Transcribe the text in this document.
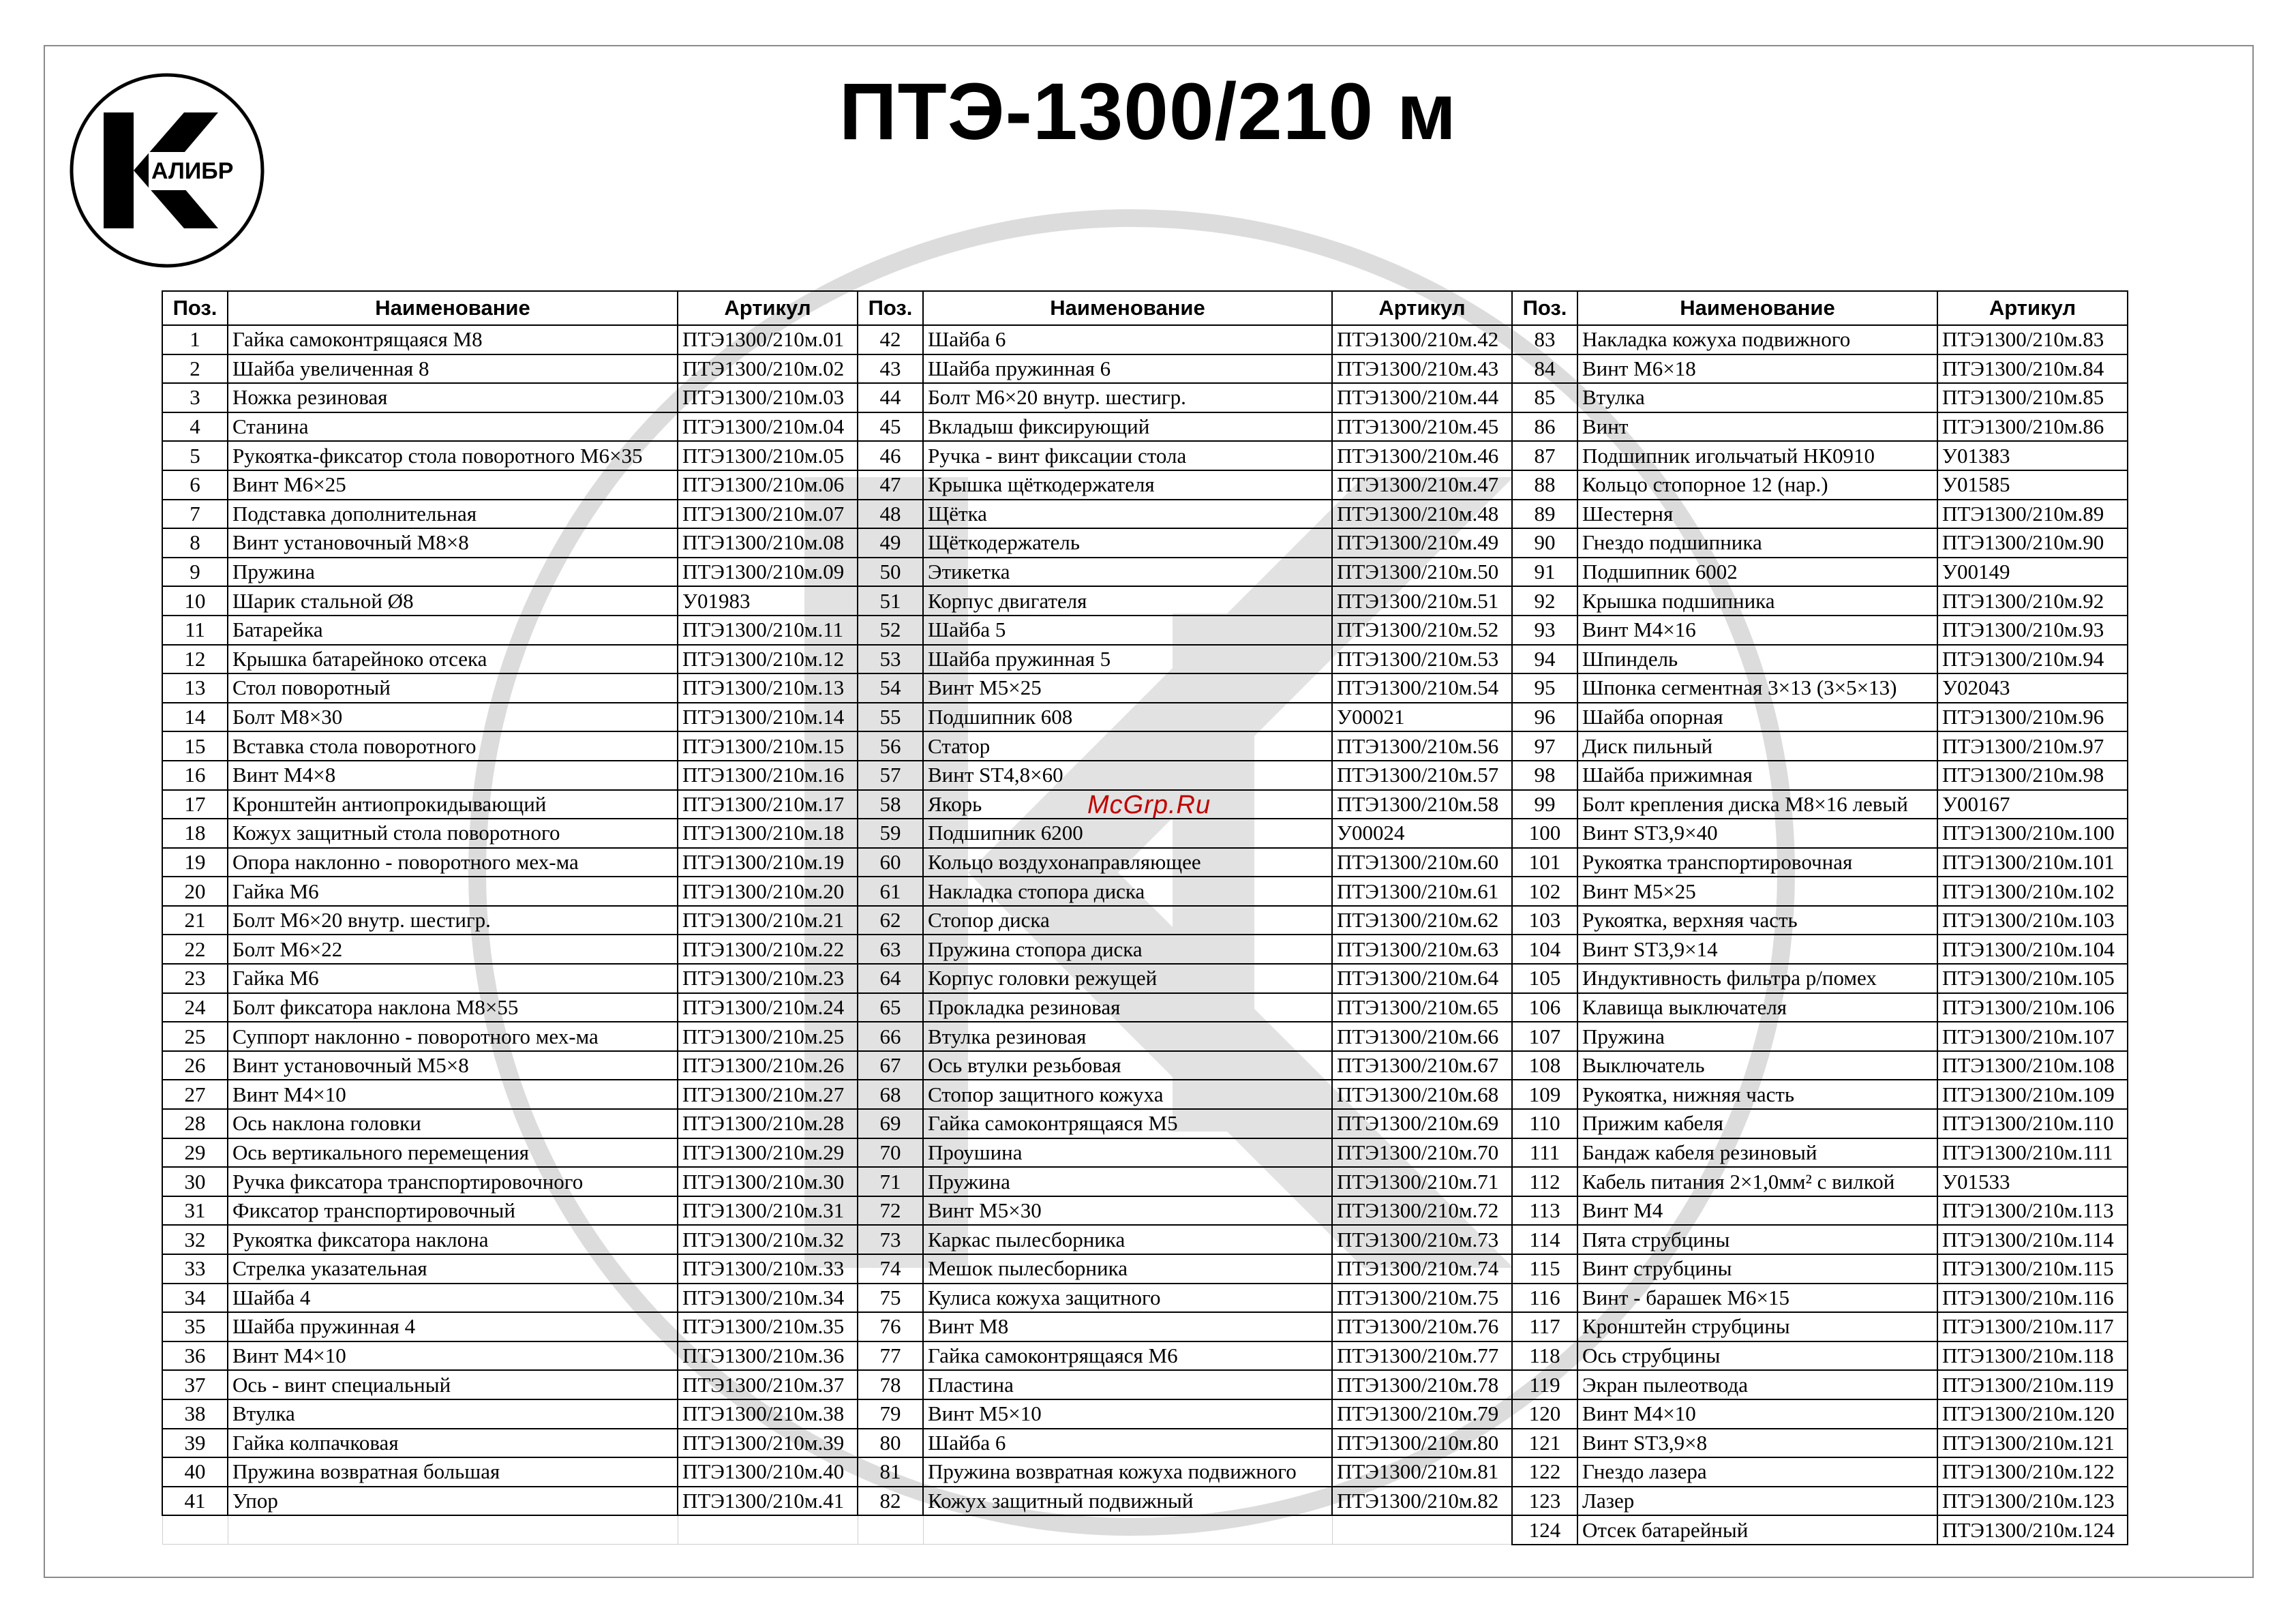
АЛИБР
ПТЭ-1300/210 м
McGrp.Ru
Поз.	Наименование	Артикул	Поз.	Наименование	Артикул	Поз.	Наименование	Артикул
1	Гайка самоконтрящаяся М8	ПТЭ1300/210м.01	42	Шайба 6	ПТЭ1300/210м.42	83	Накладка кожуха подвижного	ПТЭ1300/210м.83
2	Шайба увеличенная 8	ПТЭ1300/210м.02	43	Шайба пружинная 6	ПТЭ1300/210м.43	84	Винт М6×18	ПТЭ1300/210м.84
3	Ножка резиновая	ПТЭ1300/210м.03	44	Болт М6×20 внутр. шестигр.	ПТЭ1300/210м.44	85	Втулка	ПТЭ1300/210м.85
4	Станина	ПТЭ1300/210м.04	45	Вкладыш фиксирующий	ПТЭ1300/210м.45	86	Винт	ПТЭ1300/210м.86
5	Рукоятка-фиксатор стола поворотного М6×35	ПТЭ1300/210м.05	46	Ручка - винт фиксации стола	ПТЭ1300/210м.46	87	Подшипник игольчатый НК0910	У01383
6	Винт М6×25	ПТЭ1300/210м.06	47	Крышка щёткодержателя	ПТЭ1300/210м.47	88	Кольцо стопорное 12 (нар.)	У01585
7	Подставка дополнительная	ПТЭ1300/210м.07	48	Щётка	ПТЭ1300/210м.48	89	Шестерня	ПТЭ1300/210м.89
8	Винт установочный М8×8	ПТЭ1300/210м.08	49	Щёткодержатель	ПТЭ1300/210м.49	90	Гнездо подшипника	ПТЭ1300/210м.90
9	Пружина	ПТЭ1300/210м.09	50	Этикетка	ПТЭ1300/210м.50	91	Подшипник 6002	У00149
10	Шарик стальной Ø8	У01983	51	Корпус двигателя	ПТЭ1300/210м.51	92	Крышка подшипника	ПТЭ1300/210м.92
11	Батарейка	ПТЭ1300/210м.11	52	Шайба 5	ПТЭ1300/210м.52	93	Винт М4×16	ПТЭ1300/210м.93
12	Крышка батарейноко отсека	ПТЭ1300/210м.12	53	Шайба пружинная 5	ПТЭ1300/210м.53	94	Шпиндель	ПТЭ1300/210м.94
13	Стол поворотный	ПТЭ1300/210м.13	54	Винт М5×25	ПТЭ1300/210м.54	95	Шпонка сегментная 3×13 (3×5×13)	У02043
14	Болт М8×30	ПТЭ1300/210м.14	55	Подшипник 608	У00021	96	Шайба опорная	ПТЭ1300/210м.96
15	Вставка стола поворотного	ПТЭ1300/210м.15	56	Статор	ПТЭ1300/210м.56	97	Диск пильный	ПТЭ1300/210м.97
16	Винт М4×8	ПТЭ1300/210м.16	57	Винт ST4,8×60	ПТЭ1300/210м.57	98	Шайба прижимная	ПТЭ1300/210м.98
17	Кронштейн антиопрокидывающий	ПТЭ1300/210м.17	58	Якорь	ПТЭ1300/210м.58	99	Болт крепления диска М8×16 левый	У00167
18	Кожух защитный стола поворотного	ПТЭ1300/210м.18	59	Подшипник 6200	У00024	100	Винт ST3,9×40	ПТЭ1300/210м.100
19	Опора наклонно - поворотного мех-ма	ПТЭ1300/210м.19	60	Кольцо воздухонаправляющее	ПТЭ1300/210м.60	101	Рукоятка транспортировочная	ПТЭ1300/210м.101
20	Гайка М6	ПТЭ1300/210м.20	61	Накладка стопора диска	ПТЭ1300/210м.61	102	Винт М5×25	ПТЭ1300/210м.102
21	Болт М6×20 внутр. шестигр.	ПТЭ1300/210м.21	62	Стопор диска	ПТЭ1300/210м.62	103	Рукоятка, верхняя часть	ПТЭ1300/210м.103
22	Болт М6×22	ПТЭ1300/210м.22	63	Пружина стопора диска	ПТЭ1300/210м.63	104	Винт ST3,9×14	ПТЭ1300/210м.104
23	Гайка М6	ПТЭ1300/210м.23	64	Корпус головки режущей	ПТЭ1300/210м.64	105	Индуктивность фильтра р/помех	ПТЭ1300/210м.105
24	Болт фиксатора наклона М8×55	ПТЭ1300/210м.24	65	Прокладка резиновая	ПТЭ1300/210м.65	106	Клавища выключателя	ПТЭ1300/210м.106
25	Суппорт наклонно - поворотного мех-ма	ПТЭ1300/210м.25	66	Втулка резиновая	ПТЭ1300/210м.66	107	Пружина	ПТЭ1300/210м.107
26	Винт установочный М5×8	ПТЭ1300/210м.26	67	Ось втулки резьбовая	ПТЭ1300/210м.67	108	Выключатель	ПТЭ1300/210м.108
27	Винт М4×10	ПТЭ1300/210м.27	68	Стопор защитного кожуха	ПТЭ1300/210м.68	109	Рукоятка, нижняя часть	ПТЭ1300/210м.109
28	Ось наклона головки	ПТЭ1300/210м.28	69	Гайка самоконтрящаяся М5	ПТЭ1300/210м.69	110	Прижим кабеля	ПТЭ1300/210м.110
29	Ось вертикального перемещения	ПТЭ1300/210м.29	70	Проушина	ПТЭ1300/210м.70	111	Бандаж кабеля резиновый	ПТЭ1300/210м.111
30	Ручка фиксатора транспортировочного	ПТЭ1300/210м.30	71	Пружина	ПТЭ1300/210м.71	112	Кабель питания 2×1,0мм² с вилкой	У01533
31	Фиксатор транспортировочный	ПТЭ1300/210м.31	72	Винт М5×30	ПТЭ1300/210м.72	113	Винт М4	ПТЭ1300/210м.113
32	Рукоятка фиксатора наклона	ПТЭ1300/210м.32	73	Каркас пылесборника	ПТЭ1300/210м.73	114	Пята струбцины	ПТЭ1300/210м.114
33	Стрелка указательная	ПТЭ1300/210м.33	74	Мешок пылесборника	ПТЭ1300/210м.74	115	Винт струбцины	ПТЭ1300/210м.115
34	Шайба 4	ПТЭ1300/210м.34	75	Кулиса кожуха защитного	ПТЭ1300/210м.75	116	Винт - барашек М6×15	ПТЭ1300/210м.116
35	Шайба пружинная 4	ПТЭ1300/210м.35	76	Винт М8	ПТЭ1300/210м.76	117	Кронштейн струбцины	ПТЭ1300/210м.117
36	Винт М4×10	ПТЭ1300/210м.36	77	Гайка самоконтрящаяся М6	ПТЭ1300/210м.77	118	Ось струбцины	ПТЭ1300/210м.118
37	Ось - винт специальный	ПТЭ1300/210м.37	78	Пластина	ПТЭ1300/210м.78	119	Экран пылеотвода	ПТЭ1300/210м.119
38	Втулка	ПТЭ1300/210м.38	79	Винт М5×10	ПТЭ1300/210м.79	120	Винт М4×10	ПТЭ1300/210м.120
39	Гайка колпачковая	ПТЭ1300/210м.39	80	Шайба 6	ПТЭ1300/210м.80	121	Винт ST3,9×8	ПТЭ1300/210м.121
40	Пружина возвратная большая	ПТЭ1300/210м.40	81	Пружина возвратная кожуха подвижного	ПТЭ1300/210м.81	122	Гнездо лазера	ПТЭ1300/210м.122
41	Упор	ПТЭ1300/210м.41	82	Кожух защитный подвижный	ПТЭ1300/210м.82	123	Лазер	ПТЭ1300/210м.123
						124	Отсек батарейный	ПТЭ1300/210м.124
